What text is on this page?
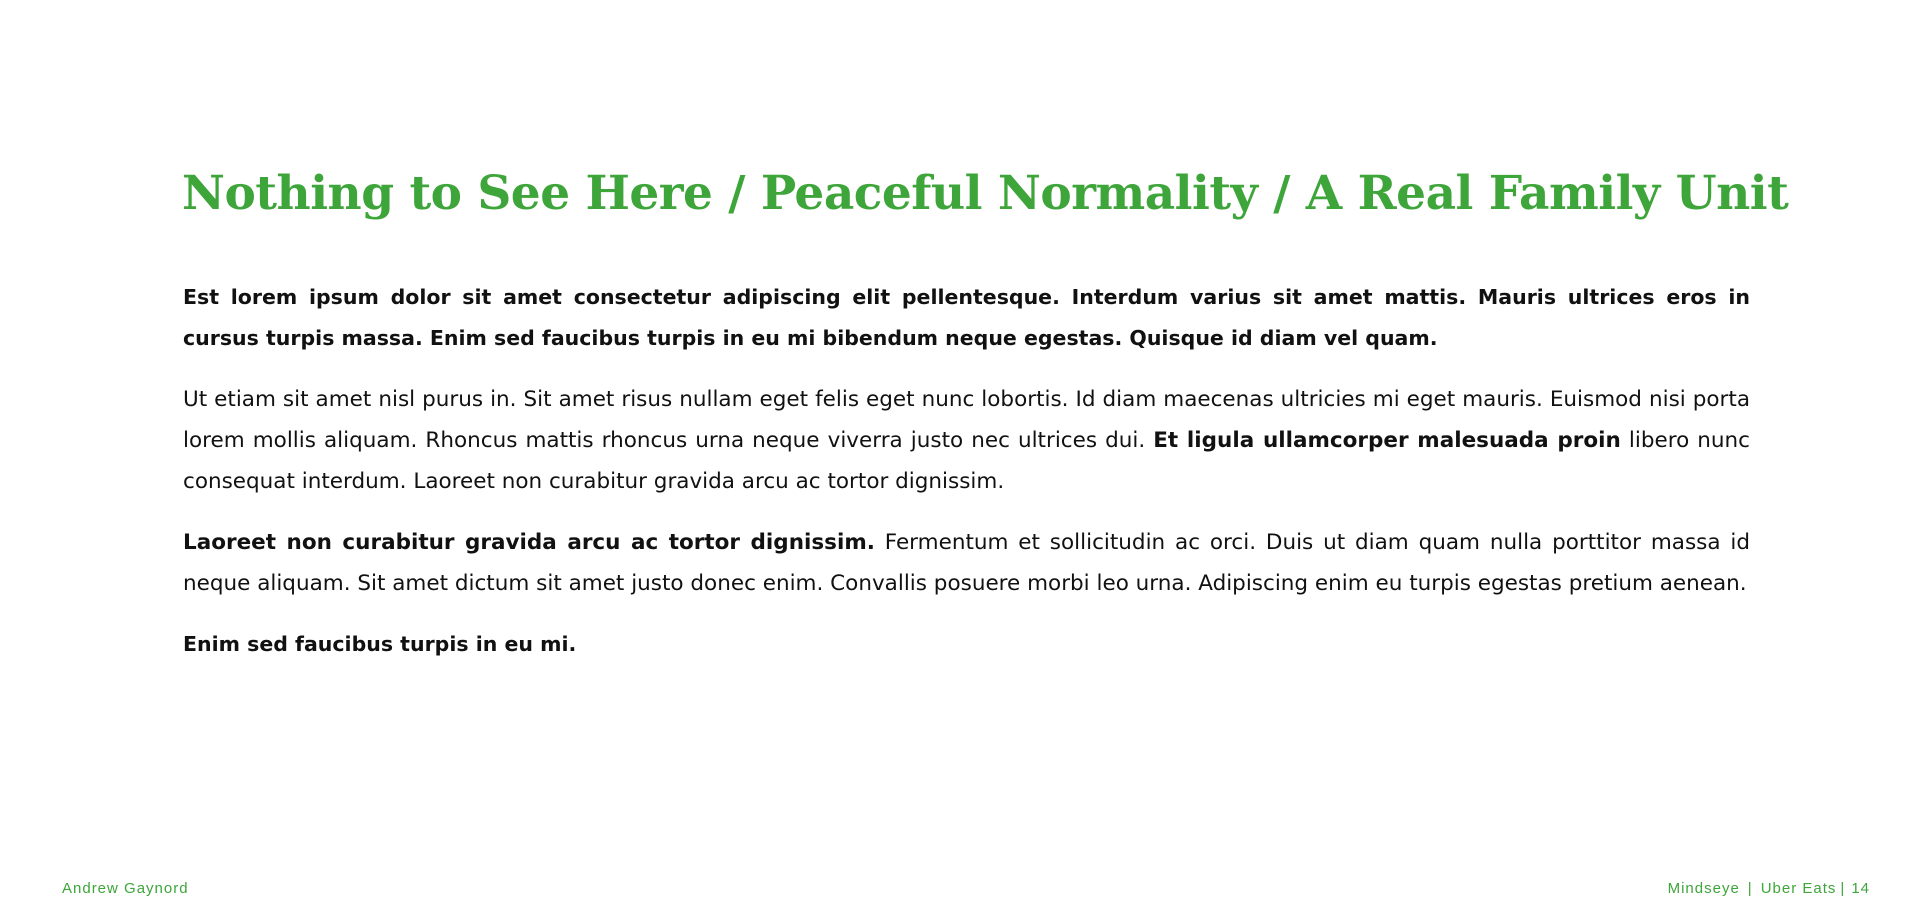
Nothing to See Here / Peaceful Normality / A Real Family Unit

Est lorem ipsum dolor sit amet consectetur adipiscing elit pellentesque. Interdum varius sit amet mattis. Mauris ultrices eros in cursus turpis massa. Enim sed faucibus turpis in eu mi bibendum neque egestas. Quisque id diam vel quam.

Ut etiam sit amet nisl purus in. Sit amet risus nullam eget felis eget nunc lobortis. Id diam maecenas ultricies mi eget mauris. Euismod nisi porta lorem mollis aliquam. Rhoncus mattis rhoncus urna neque viverra justo nec ultrices dui. Et ligula ullamcorper malesuada proin libero nunc consequat interdum. Laoreet non curabitur gravida arcu ac tortor dignissim.

Laoreet non curabitur gravida arcu ac tortor dignissim. Fermentum et sollicitudin ac orci. Duis ut diam quam nulla porttitor massa id neque aliquam. Sit amet dictum sit amet justo donec enim. Convallis posuere morbi leo urna. Adipiscing enim eu turpis egestas pretium aenean.

Enim sed faucibus turpis in eu mi.

Andrew Gaynord	Mindseye | Uber Eats | 14
